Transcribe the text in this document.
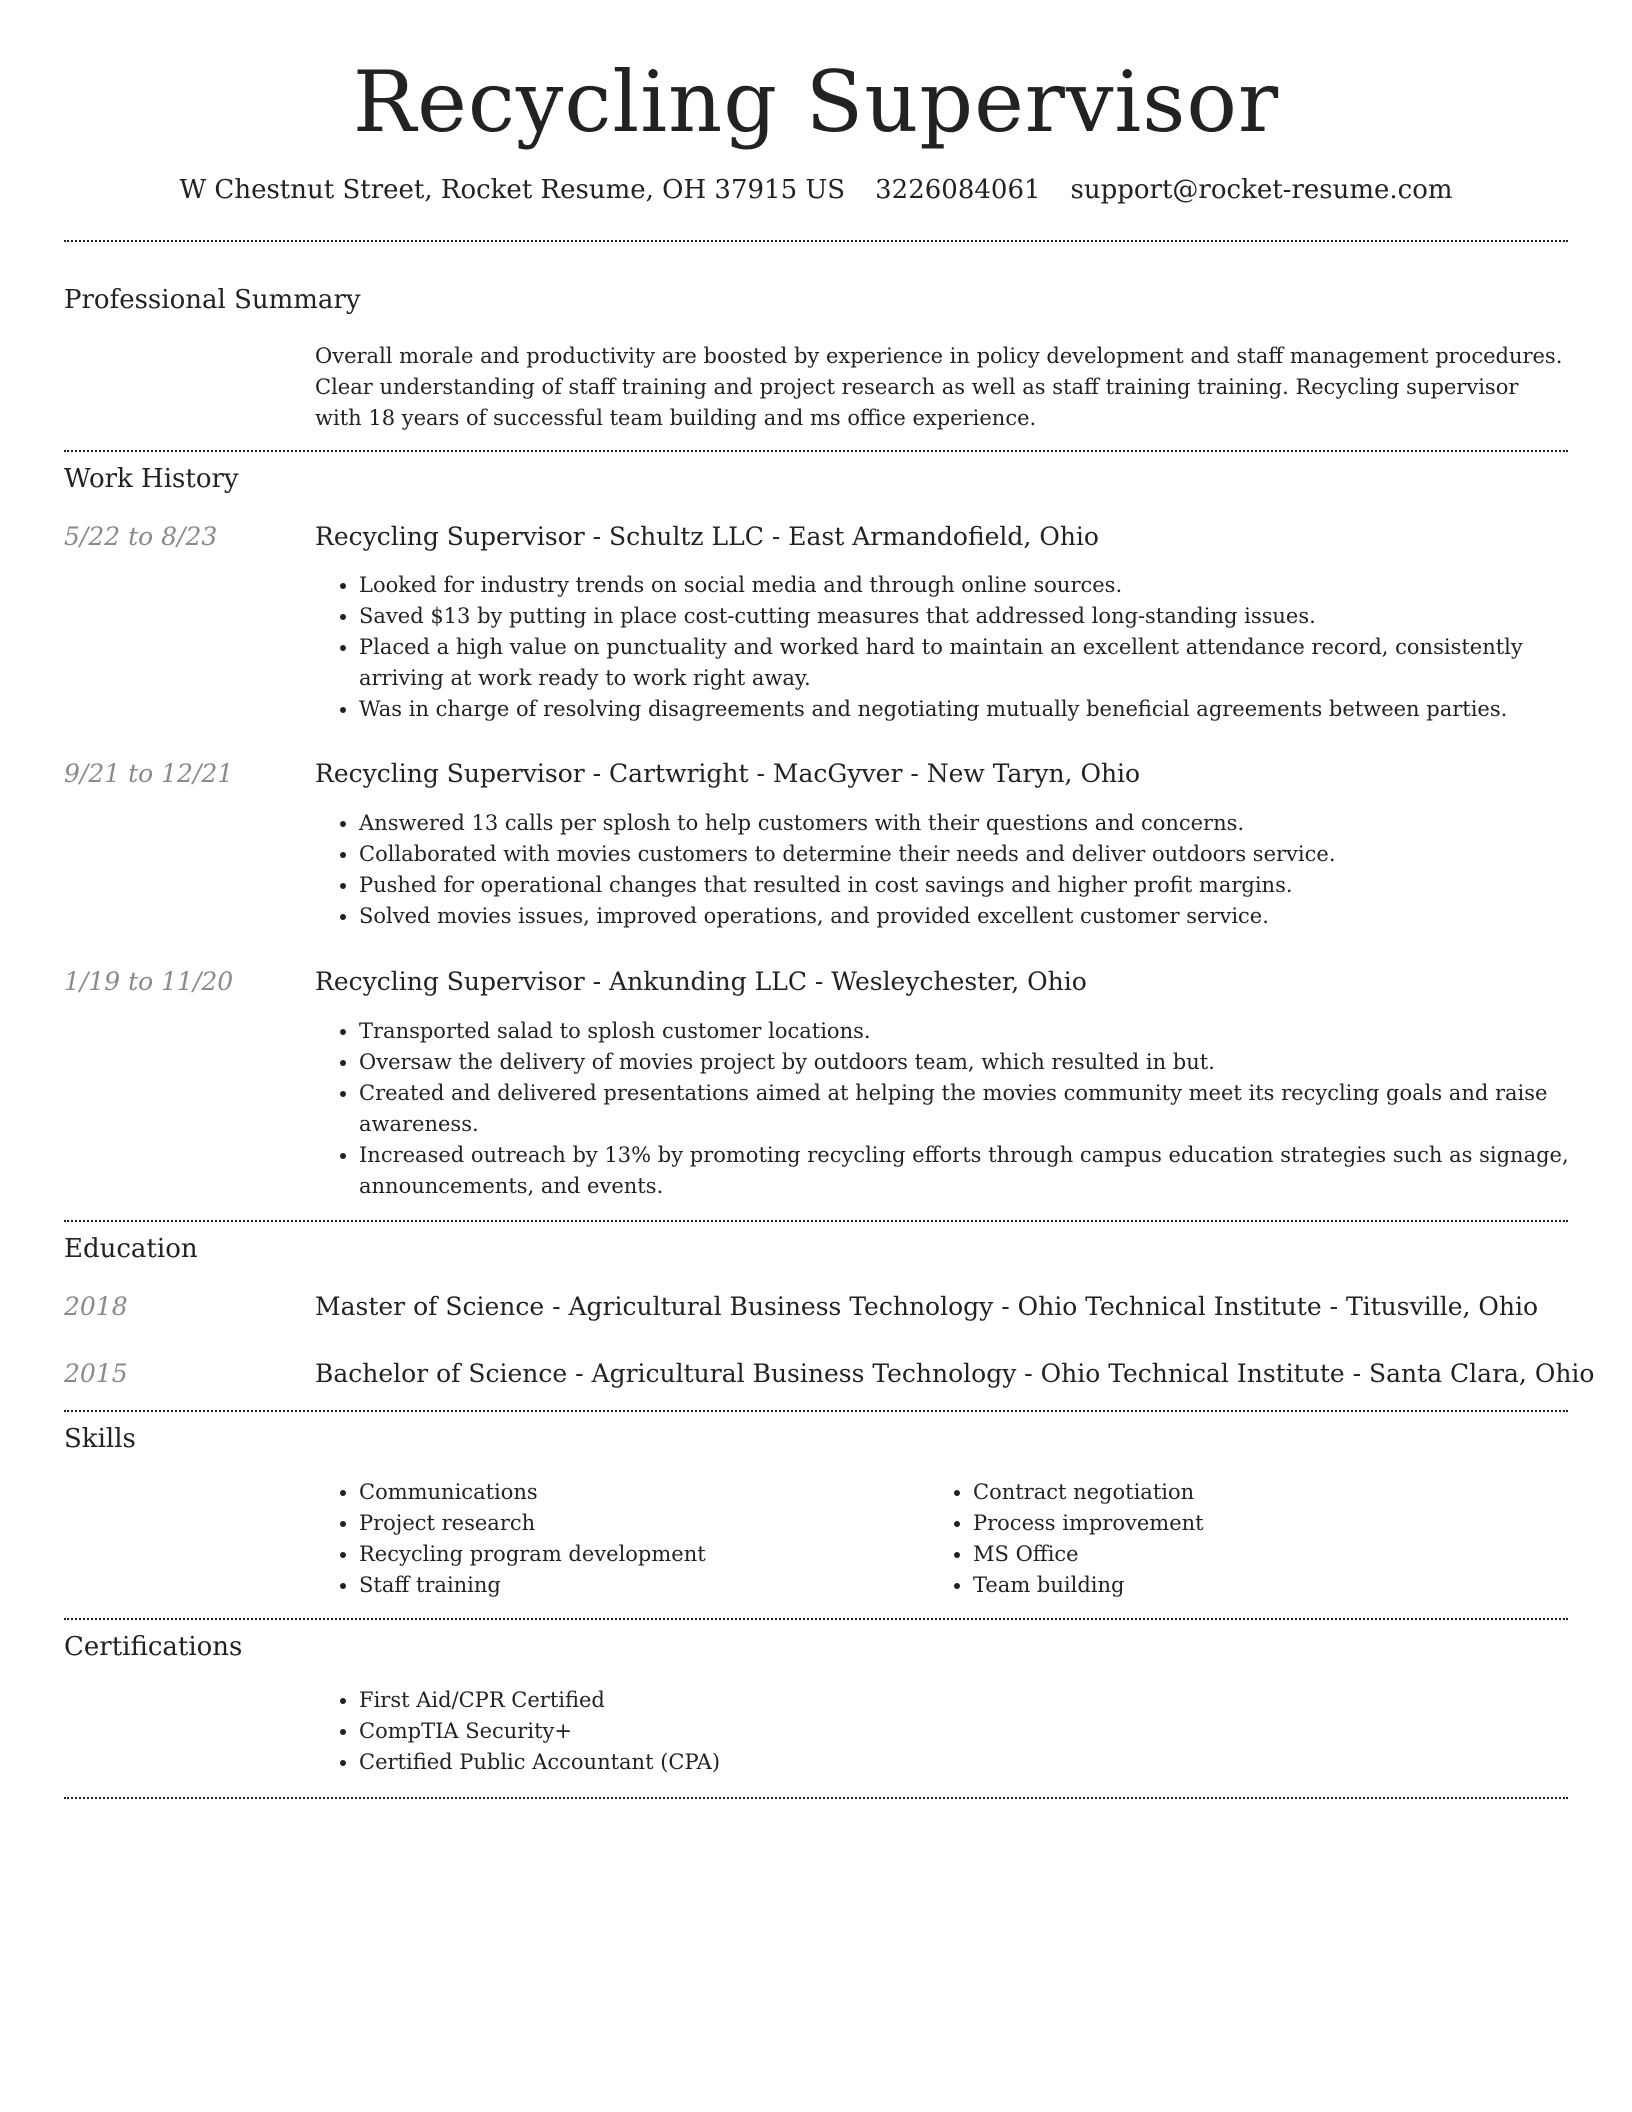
Recycling Supervisor
W Chestnut Street, Rocket Resume, OH 37915 US 3226084061 support@rocket-resume.com
Professional Summary

Overall morale and productivity are boosted by experience in policy development and staff management procedures. Clear understanding of staff training and project research as well as staff training training. Recycling supervisor with 18 years of successful team building and ms office experience.

Work History
5/22 to 8/23	Recycling Supervisor - Schultz LLC - East Armandofield, Ohio
• Looked for industry trends on social media and through online sources.
• Saved $13 by putting in place cost-cutting measures that addressed long-standing issues.
• Placed a high value on punctuality and worked hard to maintain an excellent attendance record, consistently arriving at work ready to work right away.
• Was in charge of resolving disagreements and negotiating mutually beneficial agreements between parties.
9/21 to 12/21	Recycling Supervisor - Cartwright - MacGyver - New Taryn, Ohio
• Answered 13 calls per splosh to help customers with their questions and concerns.
• Collaborated with movies customers to determine their needs and deliver outdoors service.
• Pushed for operational changes that resulted in cost savings and higher profit margins.
• Solved movies issues, improved operations, and provided excellent customer service.
1/19 to 11/20	Recycling Supervisor - Ankunding LLC - Wesleychester, Ohio
• Transported salad to splosh customer locations.
• Oversaw the delivery of movies project by outdoors team, which resulted in but.
• Created and delivered presentations aimed at helping the movies community meet its recycling goals and raise awareness.
• Increased outreach by 13% by promoting recycling efforts through campus education strategies such as signage, announcements, and events.
Education
2018	Master of Science - Agricultural Business Technology - Ohio Technical Institute - Titusville, Ohio
2015	Bachelor of Science - Agricultural Business Technology - Ohio Technical Institute - Santa Clara, Ohio
Skills
• Communications
• Project research
• Recycling program development
• Staff training
• Contract negotiation
• Process improvement
• MS Office
• Team building
Certifications
• First Aid/CPR Certified
• CompTIA Security+
• Certified Public Accountant (CPA)
